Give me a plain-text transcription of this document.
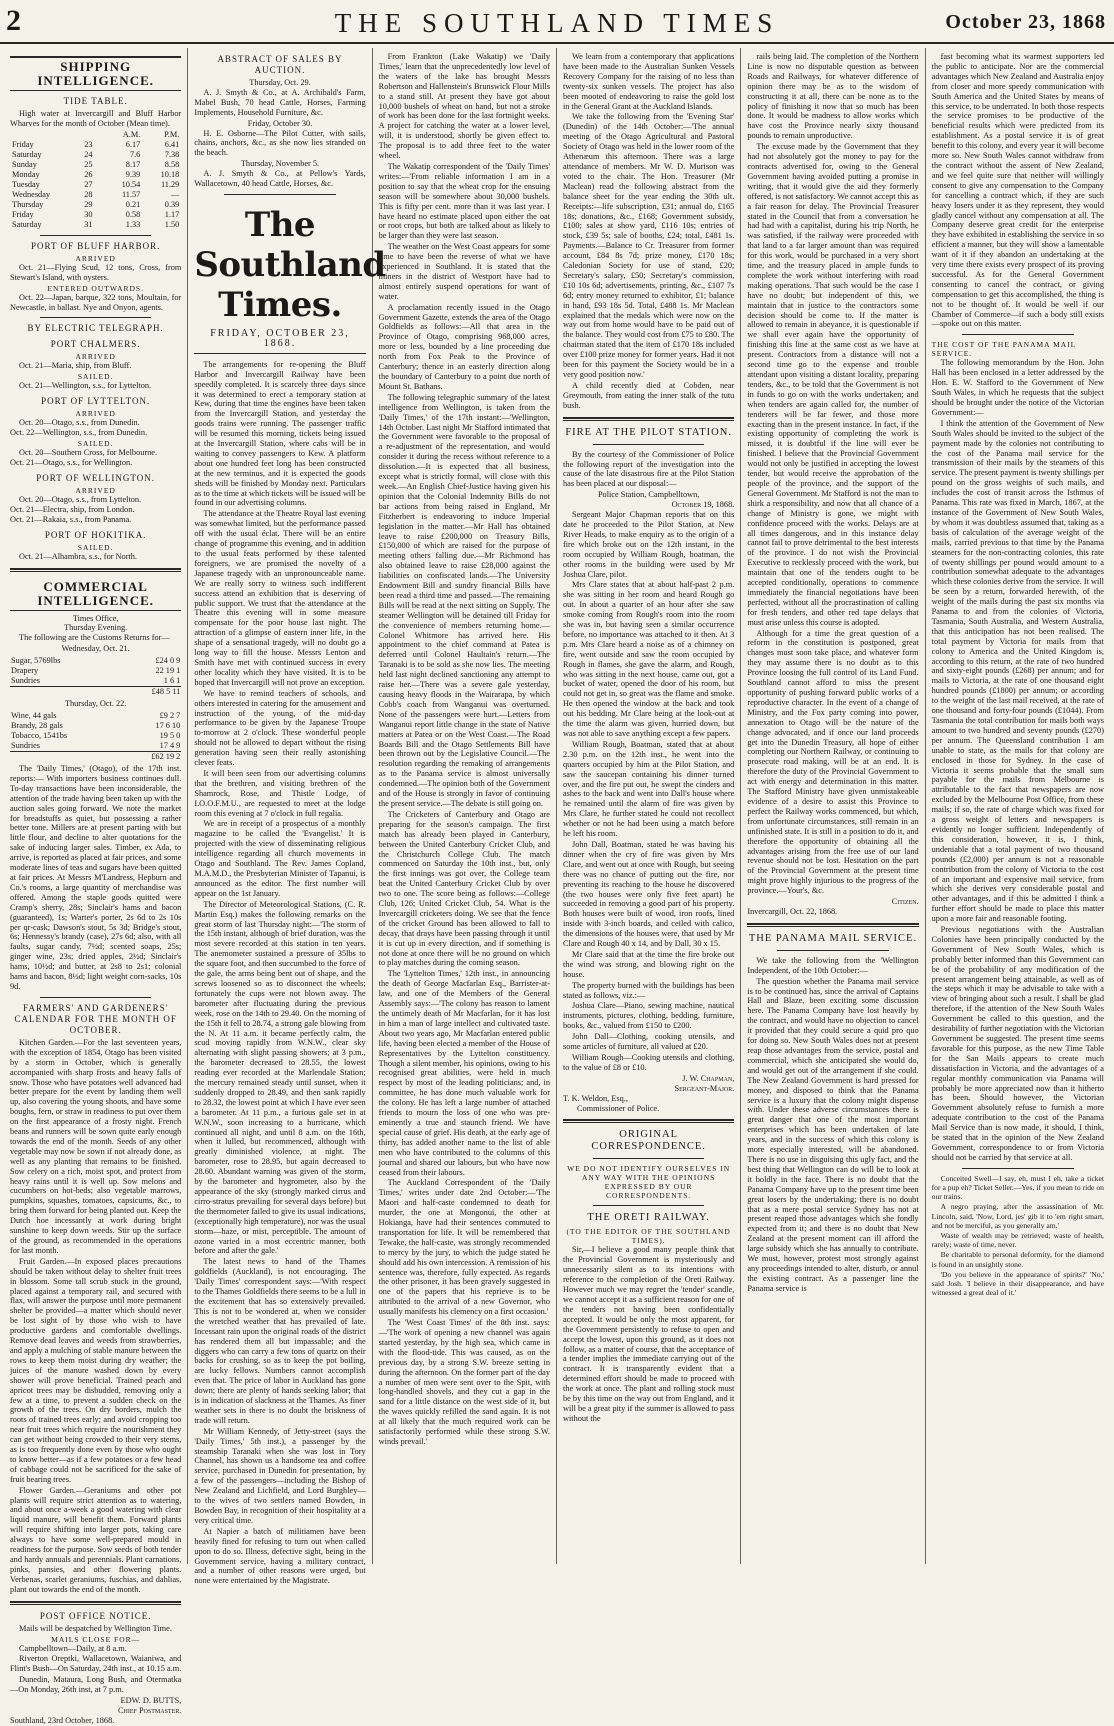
2	THE SOUTHLAND TIMES	October 23, 1868
SHIPPING INTELLIGENCE.
TIDE TABLE.

High water at Invercargill and Bluff Harbor Wharves for the month of October (Mean time).

		A.M.	P.M.
Friday	23	6.17	6.41
Saturday	24	7.6	7.38
Sunday	25	8.17	8.58
Monday	26	9.39	10.18
Tuesday	27	10.54	11.29
Wednesday	28	11.57	—
Thursday	29	0.21	0.39
Friday	30	0.58	1.17
Saturday	31	1.33	1.50
PORT OF BLUFF HARBOR.
ARRIVED

Oct. 21—Flying Scud, 12 tons, Cross, from Stewart's Island, with oysters.

ENTERED OUTWARDS.

Oct. 22—Japan, barque, 322 tons, Moultain, for Newcastle, in ballast. Nye and Onyon, agents.

BY ELECTRIC TELEGRAPH.
PORT CHALMERS.
ARRIVED

Oct. 21—Maria, ship, from Bluff.

SAILED.

Oct. 21—Wellington, s.s., for Lyttelton.

PORT OF LYTTELTON.
ARRIVED

Oct. 20—Otago, s.s., from Dunedin.
Oct. 22—Wellington, s.s., from Dunedin.

SAILED.

Oct. 20—Southern Cross, for Melbourne.
Oct. 21—Otago, s.s., for Wellington.

PORT OF WELLINGTON.
ARRIVED

Oct. 20—Otago, s.s., from Lyttelton.
Oct. 21—Electra, ship, from London.
Oct. 21—Rakaia, s.s., from Panama.

PORT OF HOKITIKA.
SAILED.

Oct. 21—Alhambra, s.s., for North.

COMMERCIAL INTELLIGENCE.
Times Office,
Thursday Evening.

The following are the Customs Returns for—

Wednesday, Oct. 21.
Sugar, 5769lbs	£24 0 9
Drapery	22 19 1
Sundries	1 6 1
	£48 5 11
Thursday, Oct. 22.
Wine, 44 gals	£9 2 7
Brandy, 28 gals	17 6 10
Tobacco, 1541bs	19 5 0
Sundries	17 4 9
	£62 19 2

The 'Daily Times,' (Otago), of the 17th inst. reports:— With importers business continues dull. To-day transactions have been inconsiderable, the attention of the trade having been taken up with the auction sales going forward. We note the market for breadstuffs as quiet, but possessing a rather better tone. Millers are at present parting with but little flour, and decline to alter quotations for the sake of inducing larger sales. Timber, ex Ada, to arrive, is reported as placed at fair prices, and some moderate lines of teas and sugars have been quitted at fair prices. At Messrs M'Landress, Hepburn and Co.'s rooms, a large quantity of merchandise was offered. Among the staple goods quitted were Cramp's sherry, 28s; Sinclair's hams and bacon (guaranteed), 1s; Warter's porter, 2s 6d to 2s 10s per qr-cask; Dawson's stout, 5s 3d; Bridge's stout, 6s; Hennessy's brandy (case), 27s 6d; also, with all faults, sugar candy, 7½d; scented soaps, 25s; ginger wine, 23s; dried apples, 2½d; Sinclair's hams, 10½d; and butter, at 2s8 to 2s1; colonial hams and bacon, 8½d; light weight corn-sacks, 10s 9d.

FARMERS' AND GARDENERS' CALENDAR FOR THE MONTH OF OCTOBER.

Kitchen Garden.—For the last seventeen years, with the exception of 1854, Otago has been visited by a storm in October, which is generally accompanied with sharp frosts and heavy falls of snow. Those who have potatoes well advanced had better prepare for the event by landing them well up, also covering the young shoots, and have some boughs, fern, or straw in readiness to put over them on the first appearance of a frosty night. French beans and runners will be sown quite early enough towards the end of the month. Seeds of any other vegetable may now be sown if not already done, as well as any planting that remains to be finished. Sow celery on a rich, moist spot, and protect from heavy rains until it is well up. Sow melons and cucumbers on hot-beds; also vegetable marrows, pumpkins, squashes, tomatoes, capsicums, &c., to bring them forward for being planted out. Keep the Dutch hoe incessantly at work during bright sunshine to keep down weeds. Stir up the surface of the ground, as recommended in the operations for last month.

Fruit Garden.—In exposed places precautions should be taken without delay to shelter fruit trees in blossom. Some tall scrub stuck in the ground, placed against a temporary rail, and secured with flax, will answer the purpose until more permanent shelter be provided—a matter which should never be lost sight of by those who wish to have productive gardens and comfortable dwellings. Remove dead leaves and weeds from strawberries, and apply a mulching of stable manure between the rows to keep them moist during dry weather; the juices of the manure washed down by every shower will prove beneficial. Trained peach and apricot trees may be disbudded, removing only a few at a time, to prevent a sudden check on the growth of the trees. On dry borders, mulch the roots of trained trees early; and avoid cropping too near fruit trees which require the nourishment they can get without being crowded to their very stems, as is too frequently done even by those who ought to know better—as if a few potatoes or a few head of cabbage could not be sacrificed for the sake of fruit bearing trees.

Flower Garden.—Geraniums and other pot plants will require strict attention as to watering, and about once a-week a good watering with clear liquid manure, will benefit them. Forward plants will require shifting into larger pots, taking care always to have some well-prepared mould in readiness for the purpose. Sow seeds of both tender and hardy annuals and perennials. Plant carnations, pinks, pansies, and other flowering plants. Verbenas, scarlet geraniums, fuschias, and dahlias, plant out towards the end of the month.

POST OFFICE NOTICE.

Mails will be despatched by Wellington Time.

MAILS CLOSE FOR—

Campbelltown—Daily, at 8 a.m.

Riverton Oreptki, Wallacetown, Waianiwa, and Flint's Bush—On Saturday, 24th inst., at 10.15 a.m.

Dunedin, Mataura, Long Bush, and Otermatka—On Monday, 26th inst, at 7 p.m.

EDW. D. BUTTS,
Chief Postmaster.
Southland, 23rd October, 1868.
ABSTRACT OF SALES BY AUCTION.
Thursday, Oct. 29.

A. J. Smyth & Co., at A. Archibald's Farm, Mabel Bush, 70 head Cattle, Horses, Farming Implements, Household Furniture, &c.

Friday, October 30.

H. E. Osborne—The Pilot Cutter, with sails, chains, anchors, &c., as she now lies stranded on the beach.

Thursday, November 5.

A. J. Smyth & Co., at Pellow's Yards, Wallacetown, 40 head Cattle, Horses, &c.

The Southland Times.
FRIDAY, OCTOBER 23, 1868.

The arrangements for re-opening the Bluff Harbor and Invercargill Railway have been speedily completed. It is scarcely three days since it was determined to erect a temporary station at Kew, during that time the engines have been taken from the Invercargill Station, and yesterday the goods trains were running. The passenger traffic will be resumed this morning, tickets being issued at the Invercargill Station, where cabs will be in waiting to convey passengers to Kew. A platform about one hundred feet long has been constructed at the new terminus, and it is expected the goods sheds will be finished by Monday next. Particulars as to the time at which tickets will be issued will be found in our advertising columns.

The attendance at the Theatre Royal last evening was somewhat limited, but the performance passed off with the usual éclat. There will be an entire change of programme this evening, and in addition to the usual feats performed by these talented foreigners, we are promised the novelty of a Japanese tragedy with an unpronounceable name. We are really sorry to witness such indifferent success attend an exhibition that is deserving of public support. We trust that the attendance at the Theatre this evening will in some measure compensate for the poor house last night. The attraction of a glimpse of eastern inner life, in the shape of a sensational tragedy, will no doubt go a long way to fill the house. Messrs Lenton and Smith have met with continued success in every other locality which they have visited. It is to be hoped that Invercargill will not prove an exception.

We have to remind teachers of schools, and others interested in catering for the amusement and instruction of the young, of the mid-day performance to be given by the Japanese Troupe to-morrow at 2 o'clock. These wonderful people should not be allowed to depart without the rising generation having seen their really astonishing clever feats.

It will been seen from our advertising columns that the brethren, and visiting brethren of the Shamrock, Rose, and Thistle Lodge, of I.O.O.F.M.U., are requested to meet at the lodge room this evening at 7 o'clock in full regalia.

We are in receipt of a prospectus of a monthly magazine to be called the 'Evangelist.' It is projected with the view of disseminating religious intelligence regarding all church movements in Otago and Southland. The Rev. James Copland, M.A.M.D., the Presbyterian Minister of Tapanui, is announced as the editor. The first number will appear on the 1st January.

The Director of Meteorological Stations, (C. R. Martin Esq.) makes the following remarks on the great storm of last Thursday night:—'The storm of the 15th instant, although of brief duration, was the most severe recorded at this station in ten years. The anemometer sustained a pressure of 35lbs to the square foot, and then succumbed to the force of the gale, the arms being bent out of shape, and the screws loosened so as to disconnect the wheels; fortunately the cups were not blown away. The barometer after fluctuating during the previous week, rose on the 14th to 29.40. On the morning of the 15th it fell to 28.74, a strong gale blowing from the N. At 11 a.m. it became perfectly calm, the scud moving rapidly from W.N.W., clear sky alternating with slight passing showers; at 3 p.m., the barometer decreased to 28.55, the lowest reading ever recorded at the Marlendale Station; the mercury remained steady until sunset, when it suddenly dropped to 28.49, and then sank rapidly to 28.32, the lowest point at which I have ever seen a barometer. At 11 p.m., a furious gale set in at W.N.W., soon increasing to a hurricane, which continued all night, and until 8 a.m. on the 16th, when it lulled, but recommenced, although with greatly diminished violence, at night. The barometer, rose to 28.95, but again decreased to 28.60. Abundant warning was given of the storm, by the barometer and hygrometer, also by the appearance of the sky (strongly marked cirrus and cirro-stratus prevailing for several days before) but the thermometer failed to give its usual indications, (exceptionally high temperature), nor was the usual storm—haze, or mist, perceptible. The amount of ozone varied in a most eccentric manner, both before and after the gale.'

The latest news to hand of the Thames goldfields (Auckland), is not encouraging. The 'Daily Times' correspondent says:—'With respect to the Thames Goldfields there seems to be a lull in the excitement that has so extensively prevailed. This is not to be wondered at, when we consider the wretched weather that has prevailed of late. Incessant rain upon the original roads of the district has rendered them all but impassable; and the diggers who can carry a few tons of quartz on their backs for crushing, so as to keep the pot boiling, are lucky fellows. Numbers cannot accomplish even that. The price of labor in Auckland has gone down; there are plenty of hands seeking labor; that is in indication of slackness at the Thames. As finer weather sets in there is no doubt the briskness of trade will return.

Mr William Kennedy, of Jetty-street (says the 'Daily Times,' 5th inst.), a passenger by the steamship Taranaki when she was lost in Tory Channel, has shown us a handsome tea and coffee service, purchased in Dunedin for presentation, by a few of the passengers—including the Bishop of New Zealand and Lichfield, and Lord Burghley—to the wives of two settlers named Bowden, in Bowden Bay, in recognition of their hospitality at a very critical time.

At Napier a batch of militiamen have been heavily fined for refusing to turn out when called upon to do so. Illness, defective sight, being in the Government service, having a military contract, and a number of other reasons were urged, but none were entertained by the Magistrate.

From Frankton (Lake Wakatip) we 'Daily Times,' learn that the unprecedentedly low level of the waters of the lake has brought Messrs Robertson and Hallenstein's Brunswick Flour Mills to a stand still. At present they have got about 10,000 bushels of wheat on hand, but not a stroke of work has been done for the last fortnight weeks. A project for catching the water at a lower level, will, it is understood, shortly be given effect to. The proposal is to add three feet to the water wheel.

The Wakatip correspondent of the 'Daily Times' writes:—'From reliable information I am in a position to say that the wheat crop for the ensuing season will be somewhere about 30,000 bushels. This is fifty per cent. more than it was last year. I have heard no estimate placed upon either the oat or root crops, but both are talked about as likely to be larger than they were last season.

The weather on the West Coast appears for some time to have been the reverse of what we have experienced in Southland. It is stated that the miners in the district of Westport have had to almost entirely suspend operations for want of water.

A proclamation recently issued in the Otago Government Gazette, extends the area of the Otago Goldfields as follows:—All that area in the Province of Otago, comprising 968,000 acres, more or less, bounded by a line proceeding due north from Fox Peak to the Province of Canterbury; thence in an easterly direction along the boundary of Canterbury to a point due north of Mount St. Bathans.

The following telegraphic summary of the latest intelligence from Wellington, is taken from the 'Daily Times,' of the 17th instant:—'Wellington, 14th October. Last night Mr Stafford intimated that the Government were favorable to the proposal of a re-adjustment of the representation, and would consider it during the recess without reference to a dissolution.—It is expected that all business, except what is strictly formal, will close with this week.—An English Chief-Justice having given his opinion that the Colonial Indemnity Bills do not bar actions from being raised in England, Mr Fitzherbert is endeavoring to induce Imperial legislation in the matter.—Mr Hall has obtained leave to raise £200,000 on Treasury Bills, £150,000 of which are raised for the purpose of meeting others falling due.—Mr Richmond has also obtained leave to raise £28,000 against the liabilities on confiscated lands.—The University Endowment Bill and sundry financial Bills have been read a third time and passed.—The remaining Bills will be read at the next sitting on Supply. The steamer Wellington will be detained till Friday for the convenience of members returning home.—Colonel Whitmore has arrived here. His appointment to the chief command at Patea is deferred until Colonel Haultain's return.—The Taranaki is to be sold as she now lies. The meeting held last night declined sanctioning any attempt to raise her.—There was a severe gale yesterday, causing heavy floods in the Wairarapa, by which Cobb's coach from Wanganui was overturned. None of the passengers were hurt.—Letters from Wanganui report little change in the state of Native matters at Patea or on the West Coast.—The Road Boards Bill and the Otago Settlements Bill have been thrown out by the Legislative Council.—The resolution regarding the remaking of arrangements as to the Panama service is almost universally condemned.—The opinion both of the Government and of the House is strongly in favor of continuing the present service.—The debate is still going on.

The Cricketers of Canterbury and Otago are preparing for the season's campaign. The first match has already been played in Canterbury, between the United Canterbury Cricket Club, and the Christchurch College Club. The match commenced on Saturday the 10th inst., but, only the first innings was got over, the College team beat the United Canterbury Cricket Club by over two to one. The score being as follows:—College Club, 126; United Cricket Club, 54. What is the Invercargill cricketers doing. We see that the fence of the cricket Ground has been allowed to fall to decay, that drays have been passing through it until it is cut up in every direction, and if something is not done at once there will be no ground on which to play matches during the coming season.

The 'Lyttelton Times,' 12th inst., in announcing the death of George Macfarlan Esq., Barrister-at-law, and one of the Members of the General Assembly says:—'The colony has reason to lament the untimely death of Mr Macfarlan, for it has lost in him a man of large intellect and cultivated taste. About two years ago, Mr Macfarlan entered public life, having been elected a member of the House of Representatives by the Lyttelton constituency. Though a silent member, his opinions, owing to his recognised great abilities, were held in much respect by most of the leading politicians; and, in committee, he has done much valuable work for the colony. He has left a large number of attached friends to mourn the loss of one who was pre-eminently a true and staunch friend. We have special cause of grief. His death, at the early age of thirty, has added another name to the list of able men who have contributed to the columns of this journal and shared our labours, but who have now ceased from their labours.

The Auckland Correspondent of the 'Daily Times,' writes under date 2nd October:—'The Maori and half-caste condemned to death for murder, the one at Mongonui, the other at Hokianga, have had their sentences commuted to transportation for life. It will be remembered that Tewake, the half-caste, was strongly recommended to mercy by the jury, to which the judge stated he should add his own intercession. A remission of his sentence was, therefore, fully expected. As regards the other prisoner, it has been gravely suggested in one of the papers that his reprieve is to be attributed to the arrival of a new Governor, who usually manifests his clemency on a first occasion.'

The 'West Coast Times' of the 8th inst. says:—'The work of opening a new channel was again started yesterday, by the high sea, which came in with the flood-tide. This was caused, as on the previous day, by a strong S.W. breeze setting in during the afternoon. On the former part of the day a number of men were sent over to the Spit, with long-handled shovels, and they cut a gap in the sand for a little distance on the west side of it, but the waves quickly refilled the sand again. It is not at all likely that the much required work can be satisfactorily performed while these strong S.W. winds prevail.'

We learn from a contemporary that applications have been made to the Australian Sunken Vessels Recovery Company for the raising of no less than twenty-six sunken vessels. The project has also been mooted of endeavoring to raise the gold lost in the General Grant at the Auckland Islands.

We take the following from the 'Evening Star' (Dunedin) of the 14th October:—'The annual meeting of the Otago Agricultural and Pastoral Society of Otago was held in the lower room of the Athenæum this afternoon. There was a large attendance of members. Mr W. D. Murison was voted to the chair. The Hon. Treasurer (Mr Maclean) read the following abstract from the balance sheet for the year ending the 30th ult. Receipts:—life subscription, £31; annual do, £165 18s; donations, &c., £168; Government subsidy, £100; sales at show yard, £116 10s; entries of stock, £39 5s; sale of booths, £24; total, £481 1s. Payments.—Balance to Cr. Treasurer from former account, £84 8s 7d; prize money, £170 18s; Caledonian Society for use of stand, £20; Secretary's salary, £50; Secretary's commission, £10 10s 6d; advertisements, printing, &c., £107 7s 6d; entry money returned to exhibitor, £1; balance in hand, £93 18s 5d. Total, £488 1s. Mr Maclean explained that the medals which were now on the way out from home would have to be paid out of the balance. They would cost from £75 to £80. The chairman stated that the item of £170 18s included over £100 prize money for former years. Had it not been for this payment the Society would be in a very good position now.'

A child recently died at Cobden, near Greymouth, from eating the inner stalk of the tutu bush.

FIRE AT THE PILOT STATION.

By the courtesy of the Commissioner of Police the following report of the investigation into the cause of the late disastrous fire at the Pilot Station has been placed at our disposal:—

Police Station, Campbelltown,
October 19, 1868.

Sergeant Major Chapman reports that on this date he proceeded to the Pilot Station, at New River Heads, to make enquiry as to the origin of a fire which broke out on the 12th instant, in the room occupied by William Rough, boatman, the other rooms in the building were used by Mr Joshua Clare, pilot.

Mrs Clare states that at about half-past 2 p.m. she was sitting in her room and heard Rough go out. In about a quarter of an hour after she saw smoke coming from Rough's room into the room she was in, but having seen a similar occurrence before, no importance was attached to it then. At 3 p.m. Mrs Clare heard a noise as of a chimney on fire, went outside and saw the room occupied by Rough in flames, she gave the alarm, and Rough, who was sitting in the next house, came out, got a bucket of water, opened the door of his room, but could not get in, so great was the flame and smoke. He then opened the window at the back and took out his bedding. Mr Clare being at the look-out at the time the alarm was given, hurried down, but was not able to save anything except a few papers.

William Rough, Boatman, stated that at about 2.30 p.m. on the 12th inst., he went into the quarters occupied by him at the Pilot Station, and saw the saucepan containing his dinner turned over, and the fire put out, he swept the cinders and ashes to the back and went into Dall's house where he remained until the alarm of fire was given by Mrs Clare, he further stated he could not recollect whether or not he had been using a match before he left his room.

John Dall, Boatman, stated he was having his dinner when the cry of fire was given by Mrs Clare, and went out at once with Rough, but seeing there was no chance of putting out the fire, nor preventing its reaching to the house he discovered (the two houses were only five feet apart) he succeeded in removing a good part of his property. Both houses were built of wood, iron roofs, lined inside with 3-inch boards, and ceiled with calico, the dimensions of the houses were, that used by Mr Clare and Rough 40 x 14, and by Dall, 30 x 15.

Mr Clare said that at the time the fire broke out the wind was strong, and blowing right on the house.

The property burned with the buildings has been stated as follows, viz.:—

Joshua Clare—Piano, sewing machine, nautical instruments, pictures, clothing, bedding, furniture, books, &c., valued from £150 to £200.

John Dall—Clothing, cooking utensils, and some articles of furniture, all valued at £20.

William Rough—Cooking utensils and clothing, to the value of £8 or £10.

J. W. Chapman,
Sergeant-Major.
T. K. Weldon, Esq.,
Commissioner of Police.
ORIGINAL CORRESPONDENCE.
WE DO NOT IDENTIFY OURSELVES IN ANY WAY WITH THE OPINIONS EXPRESSED BY OUR CORRESPONDENTS.
THE ORETI RAILWAY.
(TO THE EDITOR OF THE SOUTHLAND TIMES).

Sir,—I believe a good many people think that the Provincial Government is mysteriously and unnecessarily silent as to its intentions with reference to the completion of the Oreti Railway. However much we may regret the 'tender' scandle, we cannot accept it as a sufficient reason for one of the tenders not having been confidentially accepted. It would be only the most apparent, for the Government persistently to refuse to open and accept the lowest, upon this ground, as it does not follow, as a matter of course, that the acceptance of a tender implies the immediate carrying out of the contract. It is transparently evident that a determined effort should be made to proceed with the work at once. The plant and rolling stock must be by this time on the way out from England, and it will be a great pity if the summer is allowed to pass without the

rails being laid. The completion of the Northern Line is now no disputable question as between Roads and Railways, for whatever difference of opinion there may be as to the wisdom of constructing it at all, there can be none as to the policy of finishing it now that so much has been done. It would be madness to allow works which have cost the Province nearly sixty thousand pounds to remain unproductive.

The excuse made by the Government that they had not absolutely got the money to pay for the contracts advertised for, owing to the General Government having avoided putting a promise in writing, that it would give the aid they formerly offered, is not satisfactory. We cannot accept this as a fair reason for delay. The Provincial Treasurer stated in the Council that from a conversation he had had with a capitalist, during his trip North, he was satisfied, if the railway were proceeded with that land to a far larger amount than was required for this work, would be purchased in a very short time, and the treasury placed in ample funds to complete the work without interfering with road making operations. That such would be the case I have no doubt; but independent of this, we maintain that in justice to the contractors some decision should be come to. If the matter is allowed to remain in abeyance, it is questionable if we shall ever again have the opportunity of finishing this line at the same cost as we have at present. Contractors from a distance will not a second time go to the expense and trouble attendant upon visiting a distant locality, preparing tenders, &c., to be told that the Government is not in funds to go on with the works undertaken; and when tenders are again called for, the number of tenderers will be far fewer, and those more exacting than in the present instance. In fact, if the existing opportunity of completing the work is missed, it is doubtful if the line will ever be finished. I believe that the Provincial Government would not only be justified in accepting the lowest tender, but would receive the approbation of the people of the province, and the support of the General Government. Mr Stafford is not the man to shirk a responsibility, and now that all chance of a change of Ministry is gone, we might with confidence proceed with the works. Delays are at all times dangerous, and in this instance delay cannot fail to prove detrimental to the best interests of the province. I do not wish the Provincial Executive to recklessly proceed with the work, but maintain that one of the tenders ought to be accepted conditionally, operations to commence immediately the financial negotiations have been perfected, without all the procrastination of calling for fresh tenders, and other red tape delays that must arise unless this course is adopted.

Although for a time the great question of a reform in the constitution is postponed, great changes must soon take place, and whatever form they may assume there is no doubt as to this Province loosing the full control of its Land Fund. Southland cannot afford to miss the present opportunity of pushing forward public works of a reproductive character. In the event of a change of Ministry, and the Fox party coming into power, annexation to Otago will be the nature of the change advocated, and if once our land proceeds get into the Dunedin Treasury, all hope of either completing our Northern Railway, or continuing to prosecute road making, will be at an end. It is therefore the duty of the Provincial Government to act with energy and determination in this matter. The Stafford Ministry have given unmistakeable evidence of a desire to assist this Province to perfect the Railway works commenced, but which, from unfortunate circumstances, still remain in an unfinished state. It is still in a position to do it, and therefore the opportunity of obtaining all the advantages arising from the free use of our land revenue should not be lost. Hesitation on the part of the Provincial Government at the present time might prove highly injurious to the progress of the province.—Your's, &c.

Citizen.
Invercargill, Oct. 22, 1868.
THE PANAMA MAIL SERVICE.

We take the following from the 'Wellington Independent, of the 10th October:—

The question whether the Panama mail service is to be continued has, since the arrival of Captains Hall and Blaze, been exciting some discussion here. The Panama Company have lost heavily by the contract, and would have no objection to cancel it provided that they could secure a quid pro quo for doing so. New South Wales does not at present reap those advantages from the service, postal and commercial, which she anticipated she would do, and would get out of the arrangement if she could. The New Zealand Government is hard pressed for money, and disposed to think that the Panama service is a luxury that the colony might dispense with. Under these adverse circumstances there is great danger that one of the most important enterprises which has been undertaken of late years, and in the success of which this colony is more especially interested, will be abandoned. There is no use in disguising this ugly fact, and the best thing that Wellington can do will be to look at it boldly in the face. There is no doubt that the Panama Company have up to the present time been great losers by the undertaking; there is no doubt that as a mere postal service Sydney has not at present reaped those advantages which she fondly expected from it; and there is no doubt that New Zealand at the present moment can ill afford the large subsidy which she has annually to contribute. We must, however, protest most strongly against any proceedings intended to alter, disturb, or annul the existing contract. As a passenger line the Panama service is

fast becoming what its warmest supporters led the public to anticipate. Nor are the commercial advantages which New Zealand and Australia enjoy from closer and more speedy communication with South America and the United States by means of this service, to be underrated. In both those respects the service promises to be productive of the beneficial results which were predicted from its establishment. As a postal service it is of great benefit to this colony, and every year it will become more so. New South Wales cannot withdraw from the contract without the assent of New Zealand, and we feel quite sure that neither will willingly consent to give any compensation to the Company for cancelling a contract which, if they are such heavy losers under it as they represent, they would gladly cancel without any compensation at all. The Company deserve great credit for the enterprise they have exhibited in establishing the service in so efficient a manner, but they will show a lamentable want of it if they abandon an undertaking at the very time there exists every prospect of its proving successful. As for the General Government consenting to cancel the contract, or giving compensation to get this accomplished, the thing is not to be thought of. It would be well if our Chamber of Commerce—if such a body still exists—spoke out on this matter.

THE COST OF THE PANAMA MAIL SERVICE.

The following memorandum by the Hon. John Hall has been enclosed in a letter addressed by the Hon. E. W. Stafford to the Government of New South Wales, in which he requests that the subject should be brought under the notice of the Victorian Government:—

I think the attention of the Government of New South Wales should be invited to the subject of the payment made by the colonies not contributing to the cost of the Panama mail service for the transmission of their mails by the steamers of this service. The present payment is twenty shillings per pound on the gross weights of such mails, and includes the cost of transit across the Isthmus of Panama. This rate was fixed in March, 1867, at the instance of the Government of New South Wales, by whom it was doubtless assumed that, taking as a basis of calculation of the average weight of the mails, carried previous to that time by the Panama steamers for the non-contracting colonies, this rate of twenty shillings per pound would amount to a contribution somewhat adequate to the advantages which these colonies derive from the service. It will be seen by a return, forwarded herewith, of the weight of the mails during the past six months via Panama to and from the colonies of Victoria, Tasmania, South Australia, and Western Australia, that this anticipation has not been realised. The total payment by Victoria for mails from that colony to America and the United Kingdom is, according to this return, at the rate of two hundred and sixty-eight pounds (£268) per annum; and for mails to Victoria, at the rate of one thousand eight hundred pounds (£1800) per annum; or according to the weight of the last mail received, at the rate of one thousand and forty-four pounds (£1044). From Tasmania the total contribution for mails both ways amount to two hundred and seventy pounds (£270) per annum. The Queensland contribution I am unable to state, as the mails for that colony are enclosed in those for Sydney. In the case of Victoria it seems probable that the small sum payable for the mails from Melbourne is attributable to the fact that newspapers are now excluded by the Melbourne Post Office, from these mails; if so, the rate of charge which was fixed for a gross weight of letters and newspapers is evidently no longer sufficient. Independently of this consideration, however, it is, I think, undeniable that a total payment of two thousand pounds (£2,000) per annum is not a reasonable contribution from the colony of Victoria to the cost of an important and expensive mail service, from which she derives very considerable postal and other advantages, and if this be admitted I think a further effort should be made to place this matter upon a more fair and reasonable footing.

Previous negotiations with the Australian Colonies have been principally conducted by the Government of New South Wales, which is probably better informed than this Government can be of the probability of any modification of the present arrangement being attainable, as well as of the steps which it may be advisable to take with a view of bringing about such a result. I shall be glad therefore, if the attention of the New South Wales Government be called to this question, and the desirability of further negotiation with the Victorian Government be suggested. The present time seems favorable for this purpose, as the new Time Table for the San Mails appears to create much dissatisfaction in Victoria, and the advantages of a regular monthly communication via Panama will probably be more appreciated now than it hitherto has been. Should however, the Victorian Government absolutely refuse to furnish a more adequate contribution to the cost of the Panama Mail Service than is now made, it should, I think, be stated that in the opinion of the New Zealand Government, correspondence to or from Victoria should not be carried by that service at all.

Conceited Swell—I say, eh, must I eh, take a ticket for a pup eh? Ticket Seller.—Yes, if you mean to ride on our trains.

A negro praying, after the assassination of Mr. Lincoln, said, 'Now, Lord, jes' gib it to 'em right smart, and not be merciful, as you generally am.'

Waste of wealth may be retrieved; waste of health, rarely; waste of time, never.

Be charitable to personal deformity, for the diamond is found in an unsightly stone.

'Do you believe in the appearance of spirits?' 'No,' said Josh. 'I believe in their disappearance, and have witnessed a great deal of it.'
